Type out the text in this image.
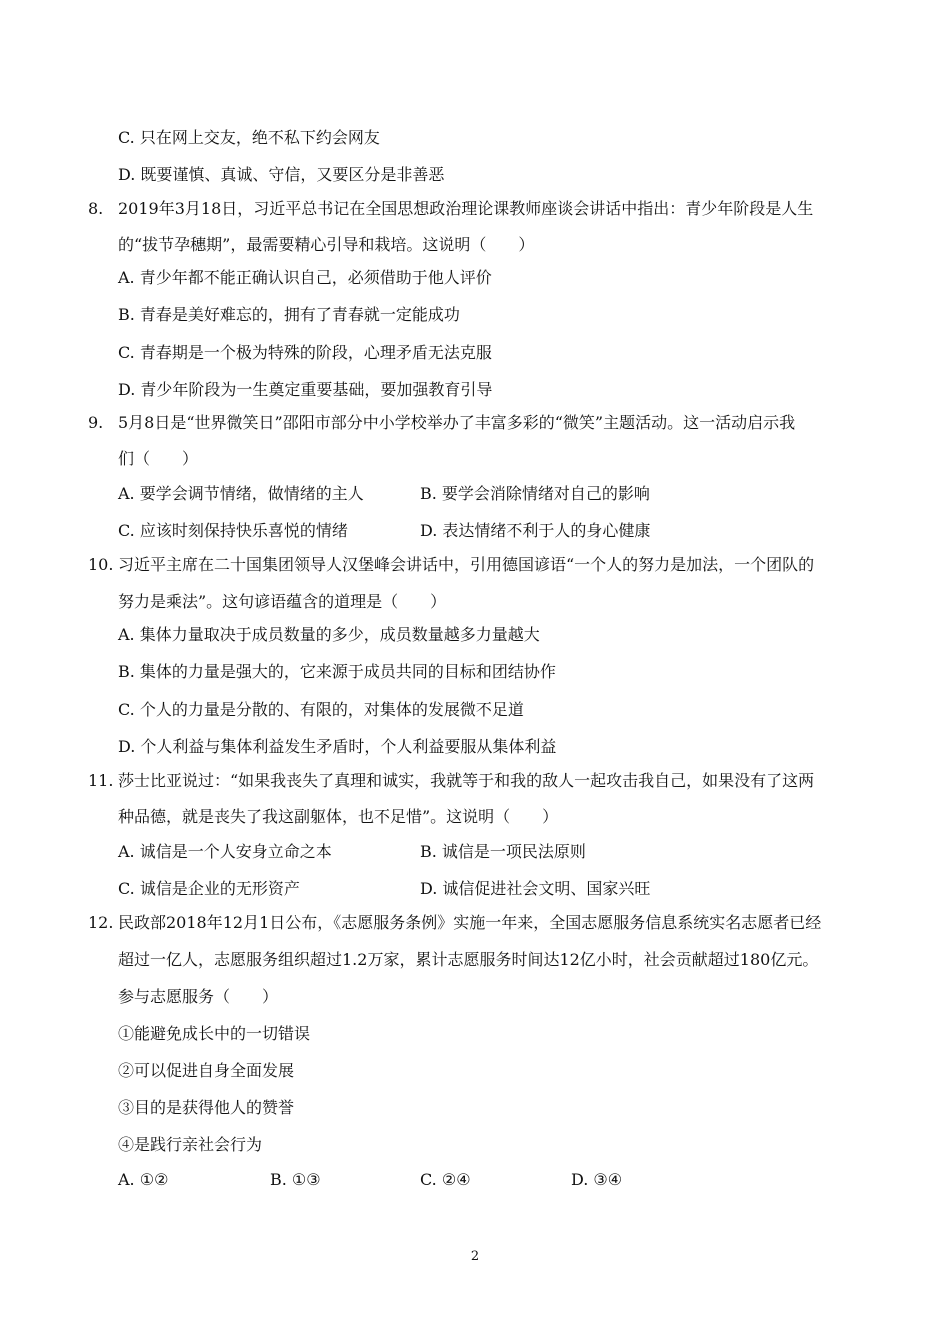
C. 只在网上交友，绝不私下约会网友
D. 既要谨慎、真诚、守信，又要区分是非善恶
8. 2019年3月18日，习近平总书记在全国思想政治理论课教师座谈会讲话中指出：青少年阶段是人生
的“拔节孕穗期”，最需要精心引导和栽培。这说明（　　）
A. 青少年都不能正确认识自己，必须借助于他人评价
B. 青春是美好难忘的，拥有了青春就一定能成功
C. 青春期是一个极为特殊的阶段，心理矛盾无法克服
D. 青少年阶段为一生奠定重要基础，要加强教育引导
9. 5月8日是“世界微笑日”邵阳市部分中小学校举办了丰富多彩的“微笑”主题活动。这一活动启示我
们（　　）
A. 要学会调节情绪，做情绪的主人	B. 要学会消除情绪对自己的影响
C. 应该时刻保持快乐喜悦的情绪	D. 表达情绪不利于人的身心健康
10. 习近平主席在二十国集团领导人汉堡峰会讲话中，引用德国谚语“一个人的努力是加法，一个团队的
努力是乘法”。这句谚语蕴含的道理是（　　）
A. 集体力量取决于成员数量的多少，成员数量越多力量越大
B. 集体的力量是强大的，它来源于成员共同的目标和团结协作
C. 个人的力量是分散的、有限的，对集体的发展微不足道
D. 个人利益与集体利益发生矛盾时，个人利益要服从集体利益
11. 莎士比亚说过：“如果我丧失了真理和诚实，我就等于和我的敌人一起攻击我自己，如果没有了这两
种品德，就是丧失了我这副躯体，也不足惜”。这说明（　　）
A. 诚信是一个人安身立命之本	B. 诚信是一项民法原则
C. 诚信是企业的无形资产	D. 诚信促进社会文明、国家兴旺
12. 民政部2018年12月1日公布，《志愿服务条例》实施一年来，全国志愿服务信息系统实名志愿者已经
超过一亿人，志愿服务组织超过1.2万家，累计志愿服务时间达12亿小时，社会贡献超过180亿元。
参与志愿服务（　　）
①能避免成长中的一切错误
②可以促进自身全面发展
③目的是获得他人的赞誉
④是践行亲社会行为
A. ①②	B. ①③	C. ②④	D. ③④
2
